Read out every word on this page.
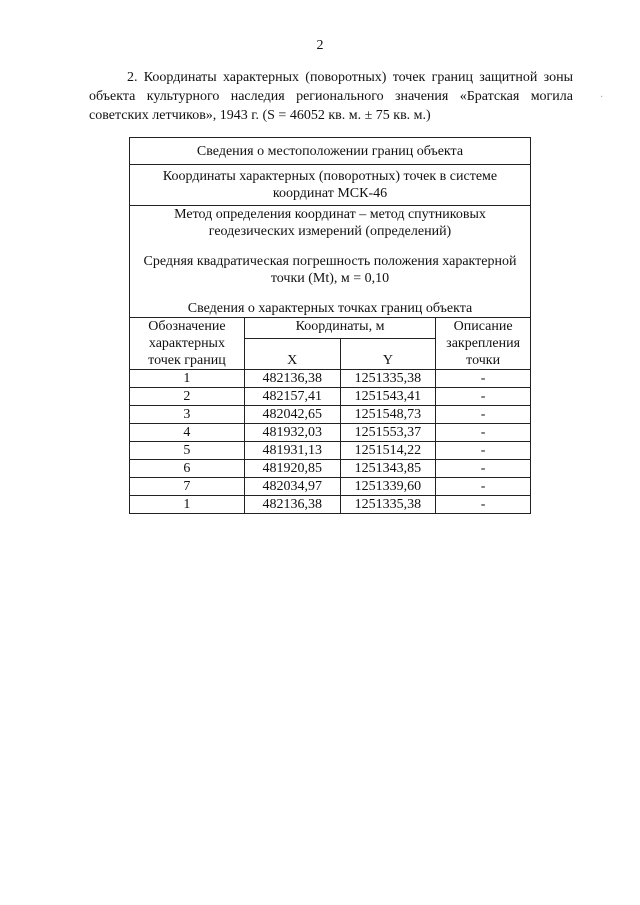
2

2. Координаты характерных (поворотных) точек границ защитной зоны объекта культурного наследия регионального значения «Братская могила советских летчиков», 1943 г. (S = 46052 кв. м. ± 75 кв. м.)

·
Сведения о местоположении границ объекта			
Координаты характерных (поворотных) точек в системе координат МСК-46			

Метод определения координат – метод спутниковых геодезических измерений (определений)

Средняя квадратическая погрешность положения характерной точки (Mt), м = 0,10

Сведения о характерных точках границ объекта			

Обозначение характерных точек границ	Координаты, м		Описание закрепления точки
	X	Y	
1	482136,38	1251335,38	-
2	482157,41	1251543,41	-
3	482042,65	1251548,73	-
4	481932,03	1251553,37	-
5	481931,13	1251514,22	-
6	481920,85	1251343,85	-
7	482034,97	1251339,60	-
1	482136,38	1251335,38	-
